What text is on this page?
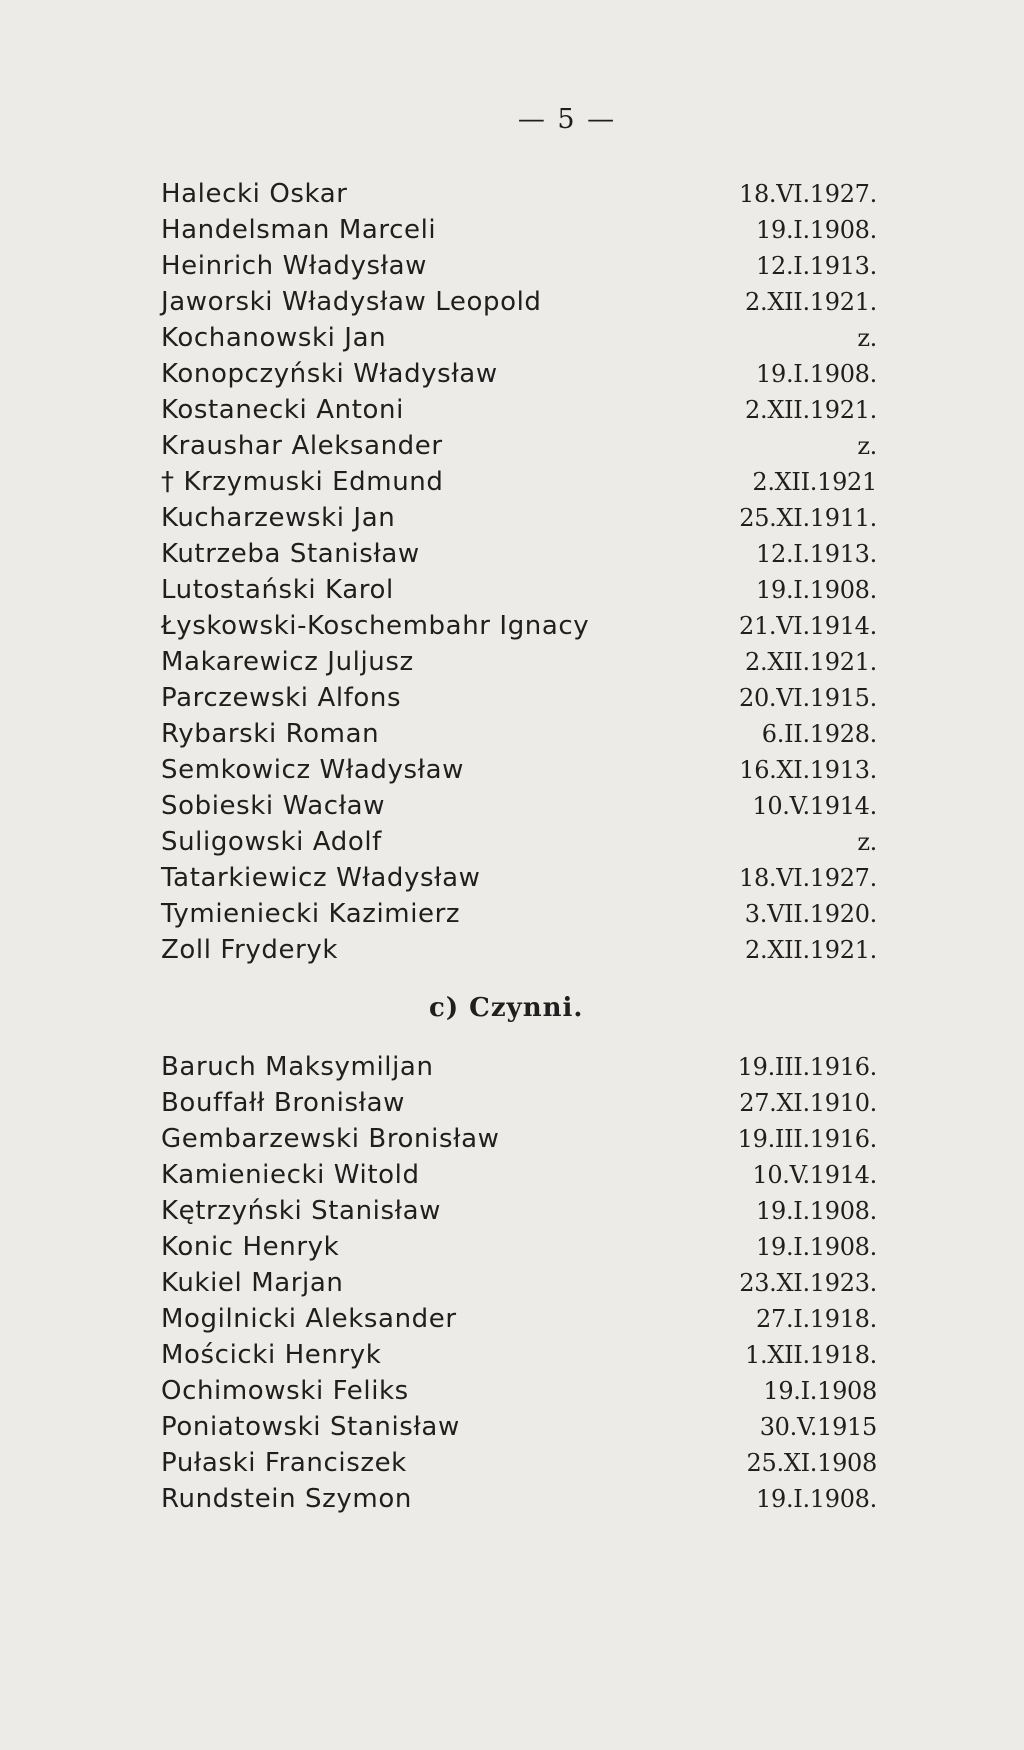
— 5 —
Halecki Oskar	18.VI.1927.
Handelsman Marceli	19.I.1908.
Heinrich Władysław	12.I.1913.
Jaworski Władysław Leopold	2.XII.1921.
Kochanowski Jan	z.
Konopczyński Władysław	19.I.1908.
Kostanecki Antoni	2.XII.1921.
Kraushar Aleksander	z.
† Krzymuski Edmund	2.XII.1921
Kucharzewski Jan	25.XI.1911.
Kutrzeba Stanisław	12.I.1913.
Lutostański Karol	19.I.1908.
Łyskowski-Koschembahr Ignacy	21.VI.1914.
Makarewicz Juljusz	2.XII.1921.
Parczewski Alfons	20.VI.1915.
Rybarski Roman	6.II.1928.
Semkowicz Władysław	16.XI.1913.
Sobieski Wacław	10.V.1914.
Suligowski Adolf	z.
Tatarkiewicz Władysław	18.VI.1927.
Tymieniecki Kazimierz	3.VII.1920.
Zoll Fryderyk	2.XII.1921.
c) Czynni.
Baruch Maksymiljan	19.III.1916.
Bouffałł Bronisław	27.XI.1910.
Gembarzewski Bronisław	19.III.1916.
Kamieniecki Witold	10.V.1914.
Kętrzyński Stanisław	19.I.1908.
Konic Henryk	19.I.1908.
Kukiel Marjan	23.XI.1923.
Mogilnicki Aleksander	27.I.1918.
Mościcki Henryk	1.XII.1918.
Ochimowski Feliks	19.I.1908
Poniatowski Stanisław	30.V.1915
Pułaski Franciszek	25.XI.1908
Rundstein Szymon	19.I.1908.
